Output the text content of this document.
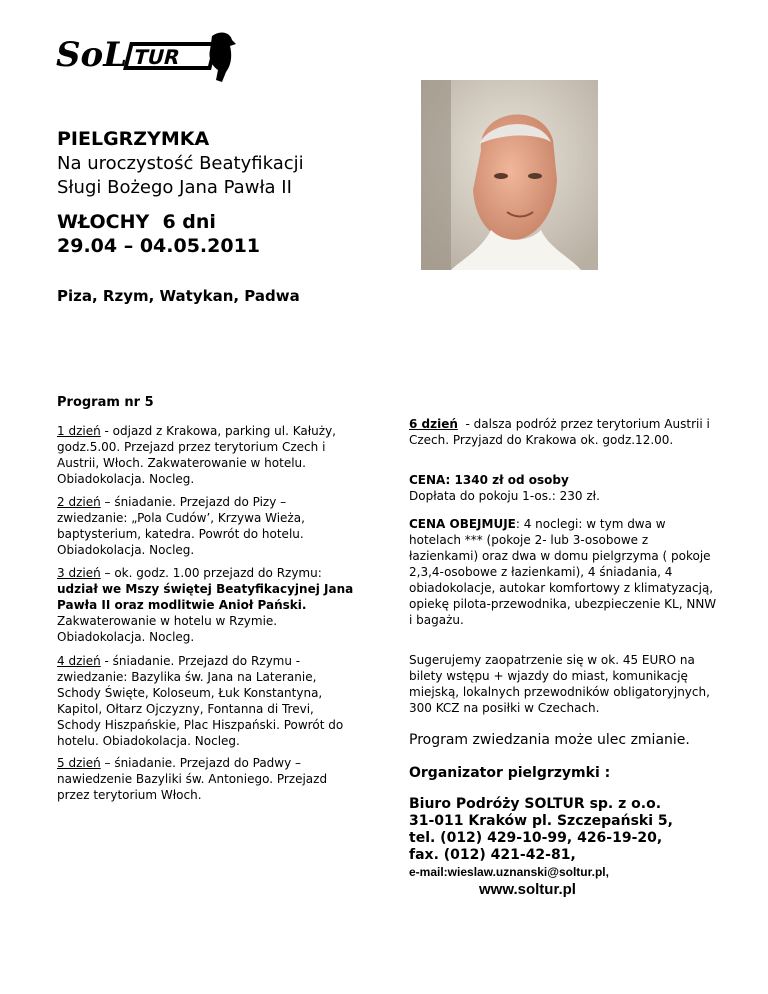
SoL TUR
PIELGRZYMKA
Na uroczystość Beatyfikacji
Sługi Bożego Jana Pawła II
WŁOCHY  6 dni
29.04 – 04.05.2011
Piza, Rzym, Watykan, Padwa
Program nr 5

1 dzień - odjazd z Krakowa, parking ul. Kałuży, godz.5.00. Przejazd przez terytorium Czech i Austrii, Włoch. Zakwaterowanie w hotelu. Obiadokolacja. Nocleg.

2 dzień – śniadanie. Przejazd do Pizy – zwiedzanie: „Pola Cudów’, Krzywa Wieża, baptysterium, katedra. Powrót do hotelu. Obiadokolacja. Nocleg.

3 dzień – ok. godz. 1.00 przejazd do Rzymu: udział we Mszy świętej Beatyfikacyjnej Jana Pawła II oraz modlitwie Anioł Pański. Zakwaterowanie w hotelu w Rzymie. Obiadokolacja. Nocleg.

4 dzień - śniadanie. Przejazd do Rzymu - zwiedzanie: Bazylika św. Jana na Lateranie, Schody Święte, Koloseum, Łuk Konstantyna, Kapitol, Ołtarz Ojczyzny, Fontanna di Trevi, Schody Hiszpańskie, Plac Hiszpański. Powrót do hotelu. Obiadokolacja. Nocleg.

5 dzień – śniadanie. Przejazd do Padwy – nawiedzenie Bazyliki św. Antoniego. Przejazd przez terytorium Włoch.

6 dzień  - dalsza podróż przez terytorium Austrii i Czech. Przyjazd do Krakowa ok. godz.12.00.

CENA: 1340 zł od osoby
Dopłata do pokoju 1-os.: 230 zł.

CENA OBEJMUJE: 4 noclegi: w tym dwa w hotelach *** (pokoje 2- lub 3-osobowe z łazienkami) oraz dwa w domu pielgrzyma ( pokoje 2,3,4-osobowe z łazienkami), 4 śniadania, 4 obiadokolacje, autokar komfortowy z klimatyzacją, opiekę pilota-przewodnika, ubezpieczenie KL, NNW i bagażu.

Sugerujemy zaopatrzenie się w ok. 45 EURO na bilety wstępu + wjazdy do miast, komunikację miejską, lokalnych przewodników obligatoryjnych, 300 KCZ na posiłki w Czechach.

Program zwiedzania może ulec zmianie.
Organizator pielgrzymki :
Biuro Podróży SOLTUR sp. z o.o.
31-011 Kraków pl. Szczepański 5,
tel. (012) 429-10-99, 426-19-20,
fax. (012) 421-42-81,
e-mail:wieslaw.uznanski@soltur.pl,
www.soltur.pl
